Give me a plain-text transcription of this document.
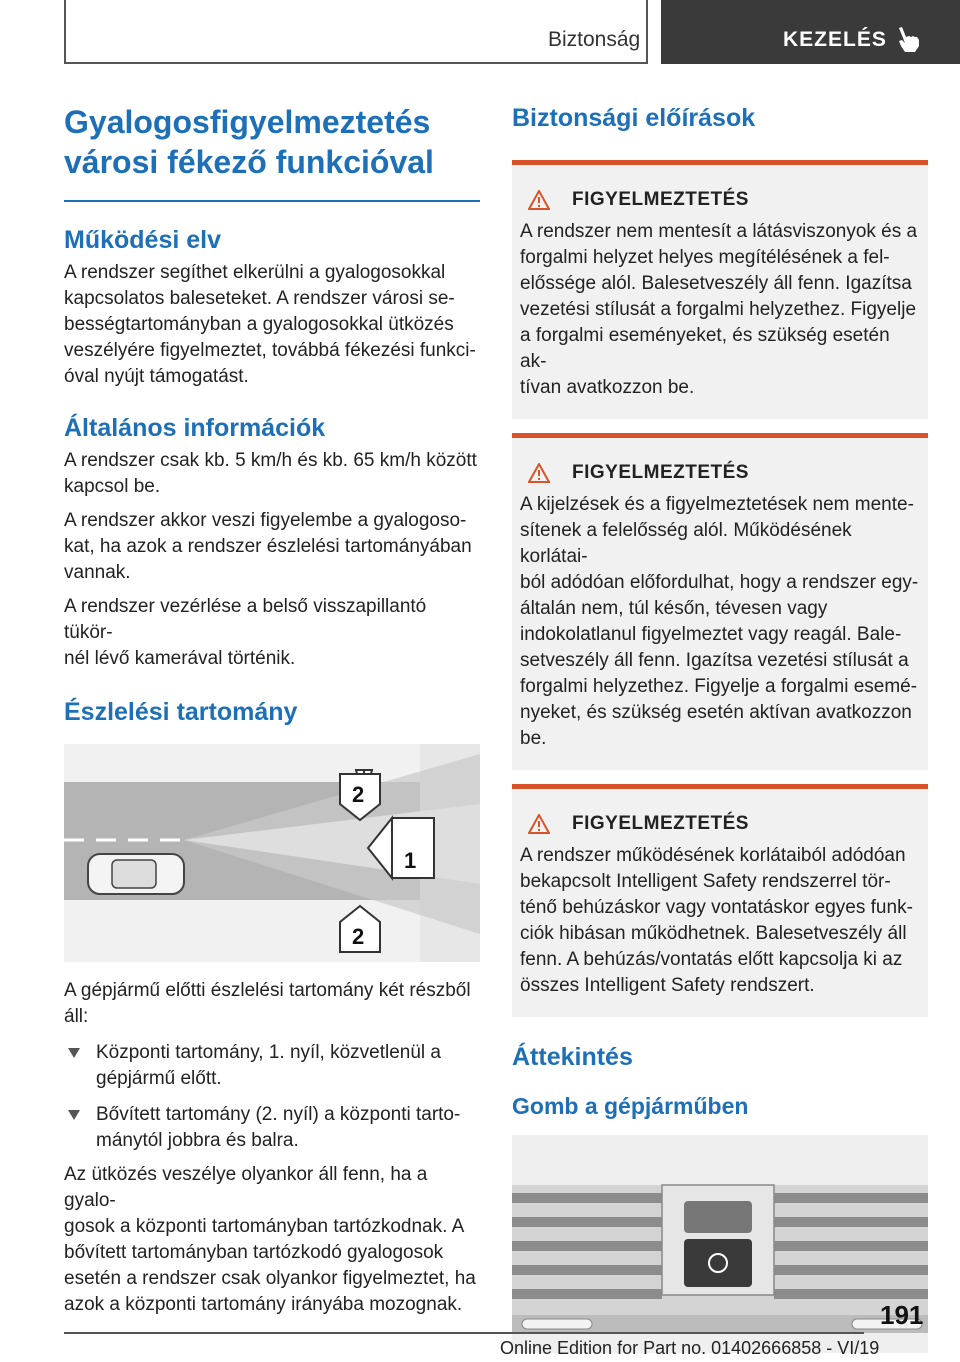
Biztonság	KEZELÉS
Gyalogosfigyelmeztetés
városi fékező funkcióval
Működési elv

A rendszer segíthet elkerülni a gyalogosokkal
kapcsolatos baleseteket. A rendszer városi se-
bességtartományban a gyalogosokkal ütközés
veszélyére figyelmeztet, továbbá fékezési funkci-
óval nyújt támogatást.

Általános információk

A rendszer csak kb. 5 km/h és kb. 65 km/h között
kapcsol be.

A rendszer akkor veszi figyelembe a gyalogoso-
kat, ha azok a rendszer észlelési tartományában
vannak.

A rendszer vezérlése a belső visszapillantó tükör-
nél lévő kamerával történik.

Észlelési tartomány
1
2
2

A gépjármű előtti észlelési tartomány két részből
áll:

Központi tartomány, 1. nyíl, közvetlenül a
gépjármű előtt.
Bővített tartomány (2. nyíl) a központi tarto-
mánytól jobbra és balra.

Az ütközés veszélye olyankor áll fenn, ha a gyalo-
gosok a központi tartományban tartózkodnak. A
bővített tartományban tartózkodó gyalogosok
esetén a rendszer csak olyankor figyelmeztet, ha
azok a központi tartomány irányába mozognak.

Biztonsági előírások
FIGYELMEZTETÉS
A rendszer nem mentesít a látásviszonyok és a
forgalmi helyzet helyes megítélésének a fel-
előssége alól. Balesetveszély áll fenn. Igazítsa
vezetési stílusát a forgalmi helyzethez. Figyelje
a forgalmi eseményeket, és szükség esetén ak-
tívan avatkozzon be.
FIGYELMEZTETÉS
A kijelzések és a figyelmeztetések nem mente-
sítenek a felelősség alól. Működésének korlátai-
ból adódóan előfordulhat, hogy a rendszer egy-
általán nem, túl későn, tévesen vagy
indokolatlanul figyelmeztet vagy reagál. Bale-
setveszély áll fenn. Igazítsa vezetési stílusát a
forgalmi helyzethez. Figyelje a forgalmi esemé-
nyeket, és szükség esetén aktívan avatkozzon
be.
FIGYELMEZTETÉS
A rendszer működésének korlátaiból adódóan
bekapcsolt Intelligent Safety rendszerrel tör-
ténő behúzáskor vagy vontatáskor egyes funk-
ciók hibásan működhetnek. Balesetveszély áll
fenn. A behúzás/vontatás előtt kapcsolja ki az
összes Intelligent Safety rendszert.
Áttekintés
Gomb a gépjárműben
191
Online Edition for Part no. 01402666858 - VI/19
